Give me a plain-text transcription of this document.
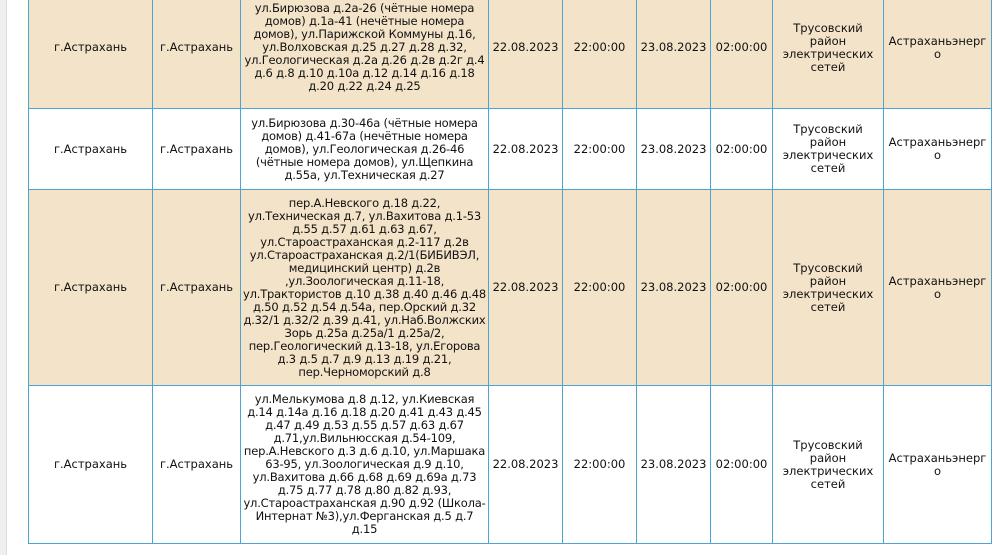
г.Астрахань	г.Астрахань	ул.Бирюзова д.2а-26 (чётные номера домов) д.1а-41 (нечётные номера домов), ул.Парижской Коммуны д.16, ул.Волховская д.25 д.27 д.28 д.32, ул.Геологическая д.2а д.26 д.2в д.2г д.4 д.6 д.8 д.10 д.10а д.12 д.14 д.16 д.18 д.20 д.22 д.24 д.25	22.08.2023	22:00:00	23.08.2023	02:00:00	Трусовский район электрических сетей	Астраханьэнерго
г.Астрахань	г.Астрахань	ул.Бирюзова д.30-46а (чётные номера домов) д.41-67а (нечётные номера домов), ул.Геологическая д.26-46 (чётные номера домов), ул.Щепкина д.55а, ул.Техническая д.27	22.08.2023	22:00:00	23.08.2023	02:00:00	Трусовский район электрических сетей	Астраханьэнерго
г.Астрахань	г.Астрахань	пер.А.Невского д.18 д.22, ул.Техническая д.7, ул.Вахитова д.1-53 д.55 д.57 д.61 д.63 д.67, ул.Староастраханская д.2-117 д.2в ул.Староастраханская д.2/1(БИБИВЭЛ, медицинский центр) д.2в ,ул.Зоологическая д.11-18, ул.Трактористов д.10 д.38 д.40 д.46 д.48 д.50 д.52 д.54 д.54а, пер.Орский д.32 д.32/1 д.32/2 д.39 д.41, ул.Наб.Волжских Зорь д.25а д.25а/1 д.25а/2, пер.Геологический д.13-18, ул.Егорова д.3 д.5 д.7 д.9 д.13 д.19 д.21, пер.Черноморский д.8	22.08.2023	22:00:00	23.08.2023	02:00:00	Трусовский район электрических сетей	Астраханьэнерго
г.Астрахань	г.Астрахань	ул.Мелькумова д.8 д.12, ул.Киевская д.14 д.14а д.16 д.18 д.20 д.41 д.43 д.45 д.47 д.49 д.53 д.55 д.57 д.63 д.67 д.71,ул.Вильнюсская д.54-109, пер.А.Невского д.3 д.6 д.10, ул.Маршака 63-95, ул.Зоологическая д.9 д.10, ул.Вахитова д.66 д.68 д.69 д.69а д.73 д.75 д.77 д.78 д.80 д.82 д.93, ул.Староастраханская д.90 д.92 (Школа-Интернат №3),ул.Ферганская д.5 д.7 д.15	22.08.2023	22:00:00	23.08.2023	02:00:00	Трусовский район электрических сетей	Астраханьэнерго
